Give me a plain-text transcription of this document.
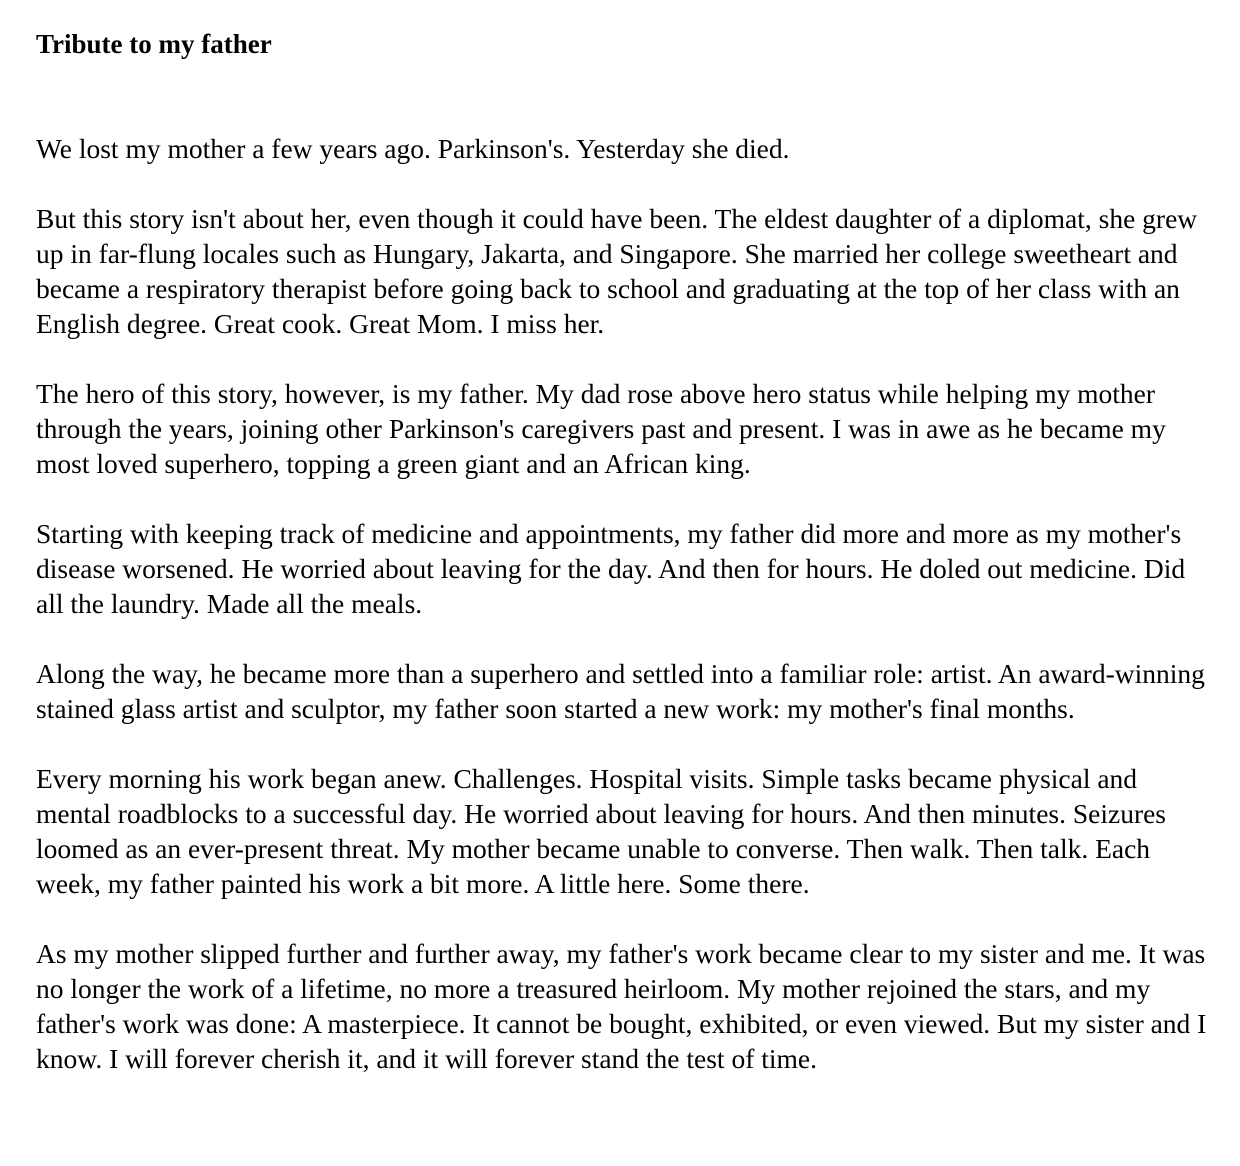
Tribute to my father

We lost my mother a few years ago. Parkinson's. Yesterday she died.

But this story isn't about her, even though it could have been. The eldest daughter of a diplomat, she grew up in far-flung locales such as Hungary, Jakarta, and Singapore. She married her college sweetheart and became a respiratory therapist before going back to school and graduating at the top of her class with an English degree. Great cook. Great Mom. I miss her.

The hero of this story, however, is my father. My dad rose above hero status while helping my mother through the years, joining other Parkinson's caregivers past and present. I was in awe as he became my most loved superhero, topping a green giant and an African king.

Starting with keeping track of medicine and appointments, my father did more and more as my mother's disease worsened. He worried about leaving for the day. And then for hours. He doled out medicine. Did all the laundry. Made all the meals.

Along the way, he became more than a superhero and settled into a familiar role: artist. An award-winning stained glass artist and sculptor, my father soon started a new work: my mother's final months.

Every morning his work began anew. Challenges. Hospital visits. Simple tasks became physical and mental roadblocks to a successful day. He worried about leaving for hours. And then minutes. Seizures loomed as an ever-present threat. My mother became unable to converse. Then walk. Then talk. Each week, my father painted his work a bit more. A little here. Some there.

As my mother slipped further and further away, my father's work became clear to my sister and me. It was no longer the work of a lifetime, no more a treasured heirloom. My mother rejoined the stars, and my father's work was done: A masterpiece. It cannot be bought, exhibited, or even viewed. But my sister and I know. I will forever cherish it, and it will forever stand the test of time.
